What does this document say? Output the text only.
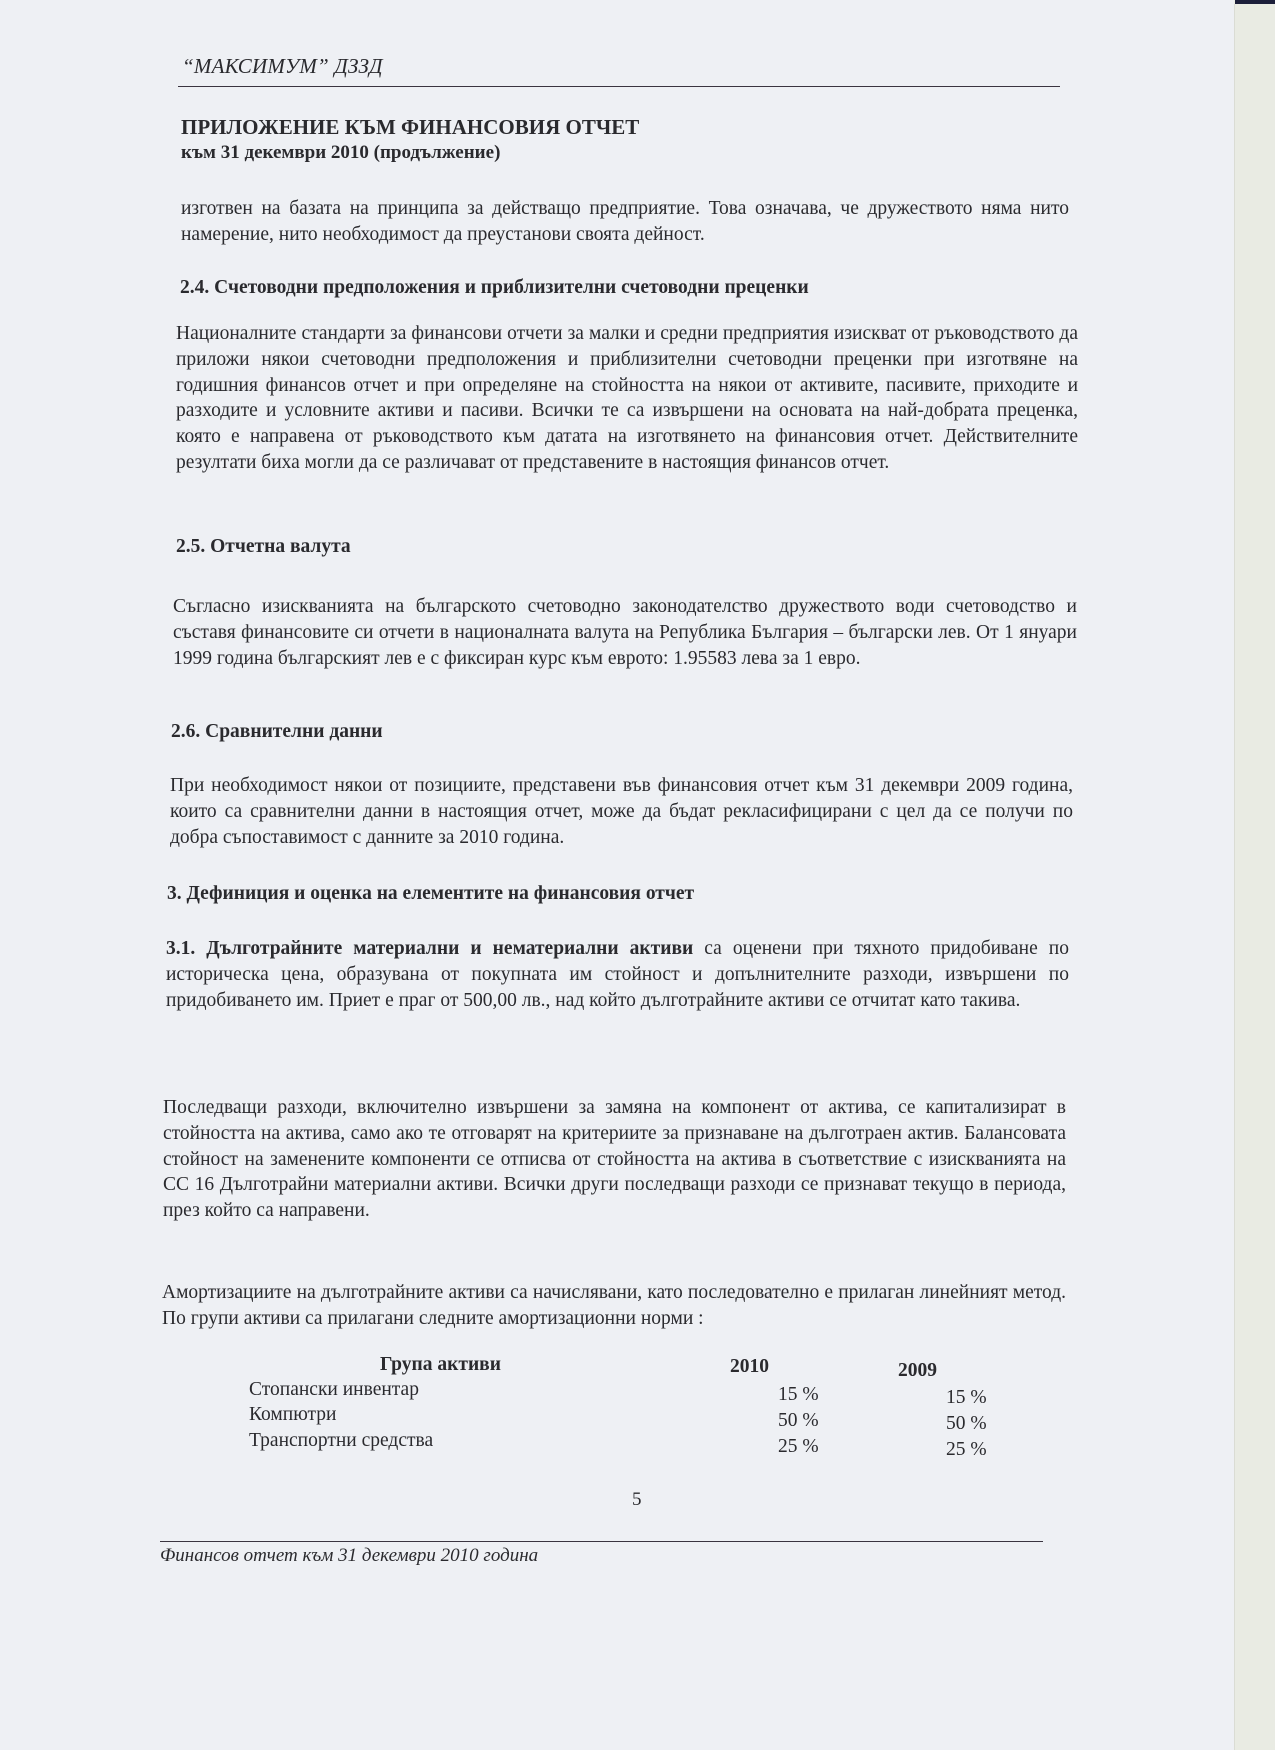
“МАКСИМУМ” ДЗЗД
ПРИЛОЖЕНИЕ КЪМ ФИНАНСОВИЯ ОТЧЕТ
към 31 декември 2010 (продължение)
изготвен на базата на принципа за действащо предприятие. Това означава, че дружеството няма нито намерение, нито необходимост да преустанови своята дейност.
2.4. Счетоводни предположения и приблизителни счетоводни преценки
Националните стандарти за финансови отчети за малки и средни предприятия изискват от ръководството да приложи някои счетоводни предположения и приблизителни счетоводни преценки при изготвяне на годишния финансов отчет и при определяне на стойността на някои от активите, пасивите, приходите и разходите и условните активи и пасиви. Всички те са извършени на основата на най-добрата преценка, която е направена от ръководството към датата на изготвянето на финансовия отчет. Действителните резултати биха могли да се различават от представените в настоящия финансов отчет.
2.5. Отчетна валута
Съгласно изискванията на българското счетоводно законодателство дружеството води счетоводство и съставя финансовите си отчети в националната валута на Република България – български лев. От 1 януари 1999 година българският лев е с фиксиран курс към еврото: 1.95583 лева за 1 евро.
2.6. Сравнителни данни
При необходимост някои от позициите, представени във финансовия отчет към 31 декември 2009 година, които са сравнителни данни в настоящия отчет, може да бъдат рекласифицирани с цел да се получи по добра съпоставимост с данните за 2010 година.
3. Дефиниция и оценка на елементите на финансовия отчет
3.1. Дълготрайните материални и нематериални активи са оценени при тяхното придобиване по историческа цена, образувана от покупната им стойност и допълнителните разходи, извършени по придобиването им. Приет е праг от 500,00 лв., над който дълготрайните активи се отчитат като такива.
Последващи разходи, включително извършени за замяна на компонент от актива, се капитализират в стойността на актива, само ако те отговарят на критериите за признаване на дълготраен актив. Балансовата стойност на заменените компоненти се отписва от стойността на актива в съответствие с изискванията на СС 16 Дълготрайни материални активи. Всички други последващи разходи се признават текущо в периода, през който са направени.
Амортизациите на дълготрайните активи са начислявани, като последователно е прилаган линейният метод. По групи активи са прилагани следните амортизационни норми :
Група активи	2010	2009
Стопански инвентар	15 %	15 %
Компютри	50 %	50 %
Транспортни средства	25 %	25 %
5
Финансов отчет към 31 декември 2010 година
